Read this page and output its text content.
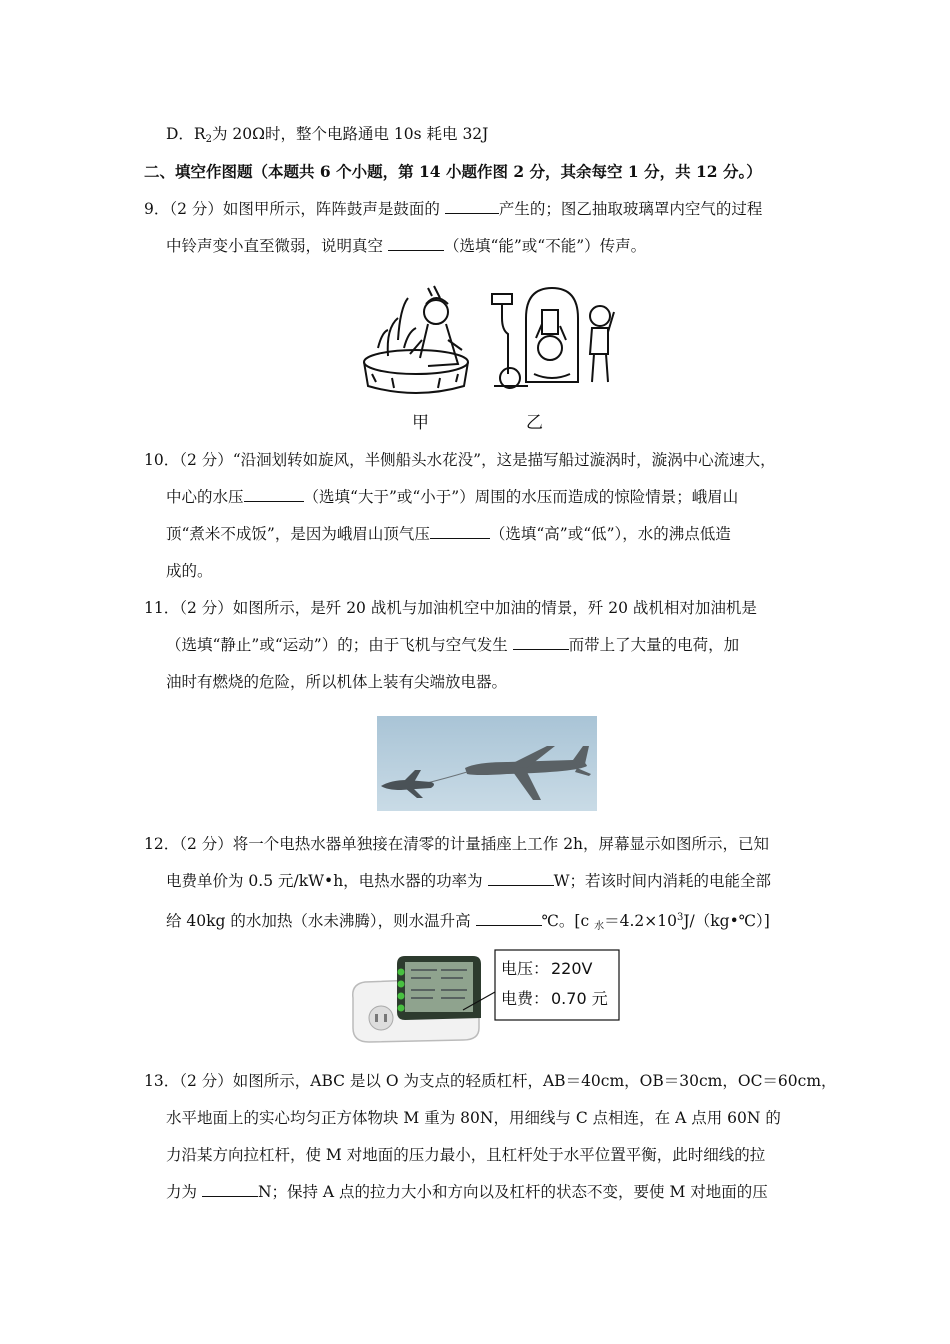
D．$R_2$为 20Ω时，整个电路通电 10s 耗电 32J
二、填空作图题（本题共 6 个小题，第 14 小题作图 2 分，其余每空 1 分，共 12 分。）
9．（2 分）如图甲所示，阵阵鼓声是鼓面的	产生的；图乙抽取玻璃罩内空气的过程
中铃声变小直至微弱，说明真空	（选填“能”或“不能”）传声。
甲	乙
10．（2 分）“沿洄划转如旋风，半侧船头水花没”，这是描写船过漩涡时，漩涡中心流速大，
中心的水压	（选填“大于”或“小于”）周围的水压而造成的惊险情景；峨眉山
顶“煮米不成饭”，是因为峨眉山顶气压	（选填“高”或“低”），水的沸点低造
成的。
11．（2 分）如图所示，是歼 20 战机与加油机空中加油的情景，歼 20 战机相对加油机是
（选填“静止”或“运动”）的；由于飞机与空气发生	而带上了大量的电荷，加
油时有燃烧的危险，所以机体上装有尖端放电器。
12．（2 分）将一个电热水器单独接在清零的计量插座上工作 2h，屏幕显示如图所示，已知
电费单价为 0.5 元/kW•h，电热水器的功率为	W；若该时间内消耗的电能全部
给 40kg 的水加热（水未沸腾），则水温升高	℃。[c $_水=4.2\times 10^3J/(kg•℃)$]
电压： 220V
电费： 0.70 元
13．（2 分）如图所示，ABC 是以 O 为支点的轻质杠杆，AB＝40cm，OB＝30cm，OC＝60cm，
水平地面上的实心均匀正方体物块 M 重为 80N，用细线与 C 点相连，在 A 点用 60N 的
力沿某方向拉杠杆，使 M 对地面的压力最小，且杠杆处于水平位置平衡，此时细线的拉
力为	N；保持 A 点的拉力大小和方向以及杠杆的状态不变，要使 M 对地面的压
